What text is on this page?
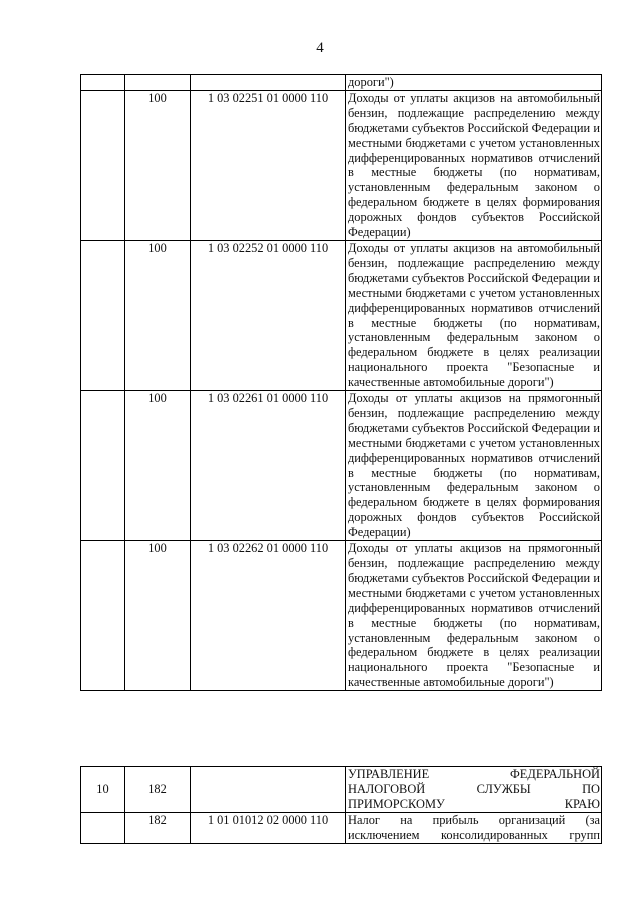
4
			дороги")
	100	1 03 02251 01 0000 110	Доходы от уплаты акцизов на автомобильный бензин, подлежащие распределению между бюджетами субъектов Российской Федерации и местными бюджетами с учетом установленных дифференцированных нормативов отчислений в местные бюджеты (по нормативам, установленным федеральным законом о федеральном бюджете в целях формирования дорожных фондов субъектов Российской Федерации)
	100	1 03 02252 01 0000 110	Доходы от уплаты акцизов на автомобильный бензин, подлежащие распределению между бюджетами субъектов Российской Федерации и местными бюджетами с учетом установленных дифференцированных нормативов отчислений в местные бюджеты (по нормативам, установленным федеральным законом о федеральном бюджете в целях реализации национального проекта "Безопасные и качественные автомобильные дороги")
	100	1 03 02261 01 0000 110	Доходы от уплаты акцизов на прямогонный бензин, подлежащие распределению между бюджетами субъектов Российской Федерации и местными бюджетами с учетом установленных дифференцированных нормативов отчислений в местные бюджеты (по нормативам, установленным федеральным законом о федеральном бюджете в целях формирования дорожных фондов субъектов Российской Федерации)
	100	1 03 02262 01 0000 110	Доходы от уплаты акцизов на прямогонный бензин, подлежащие распределению между бюджетами субъектов Российской Федерации и местными бюджетами с учетом установленных дифференцированных нормативов отчислений в местные бюджеты (по нормативам, установленным федеральным законом о федеральном бюджете в целях реализации национального проекта "Безопасные и качественные автомобильные дороги")
10	182		УПРАВЛЕНИЕ ФЕДЕРАЛЬНОЙ НАЛОГОВОЙ СЛУЖБЫ ПО ПРИМОРСКОМУ КРАЮ
	182	1 01 01012 02 0000 110	Налог на прибыль организаций (за исключением консолидированных групп
